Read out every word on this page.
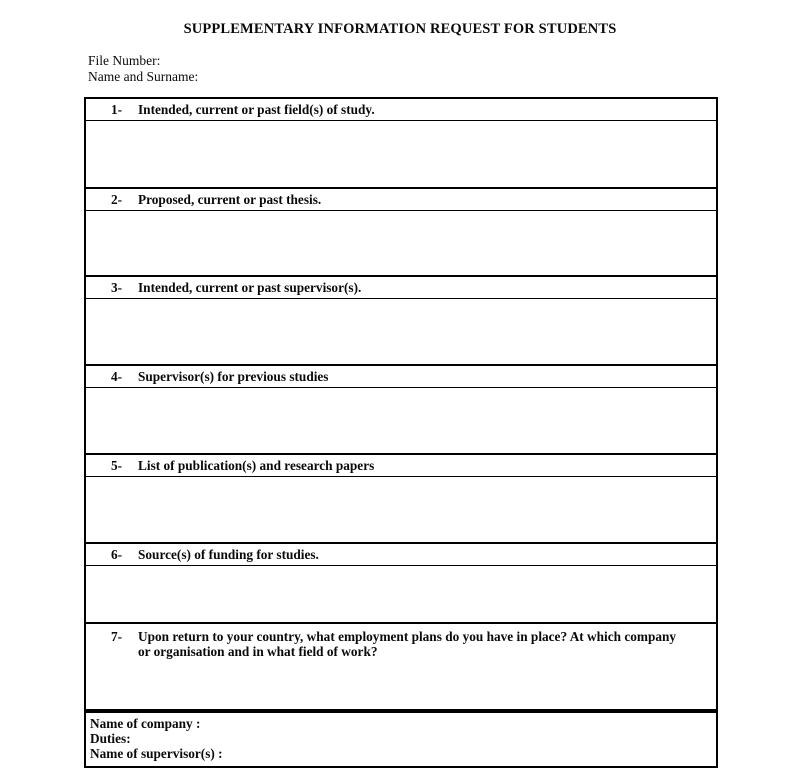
SUPPLEMENTARY INFORMATION REQUEST FOR STUDENTS
File Number:
Name and Surname:
1- Intended, current or past field(s) of study.
2- Proposed, current or past thesis.
3- Intended, current or past supervisor(s).
4- Supervisor(s) for previous studies
5- List of publication(s) and research papers
6- Source(s) of funding for studies.
7- Upon return to your country, what employment plans do you have in place? At which company or organisation and in what field of work?
Name of company :
Duties:
Name of supervisor(s) :
